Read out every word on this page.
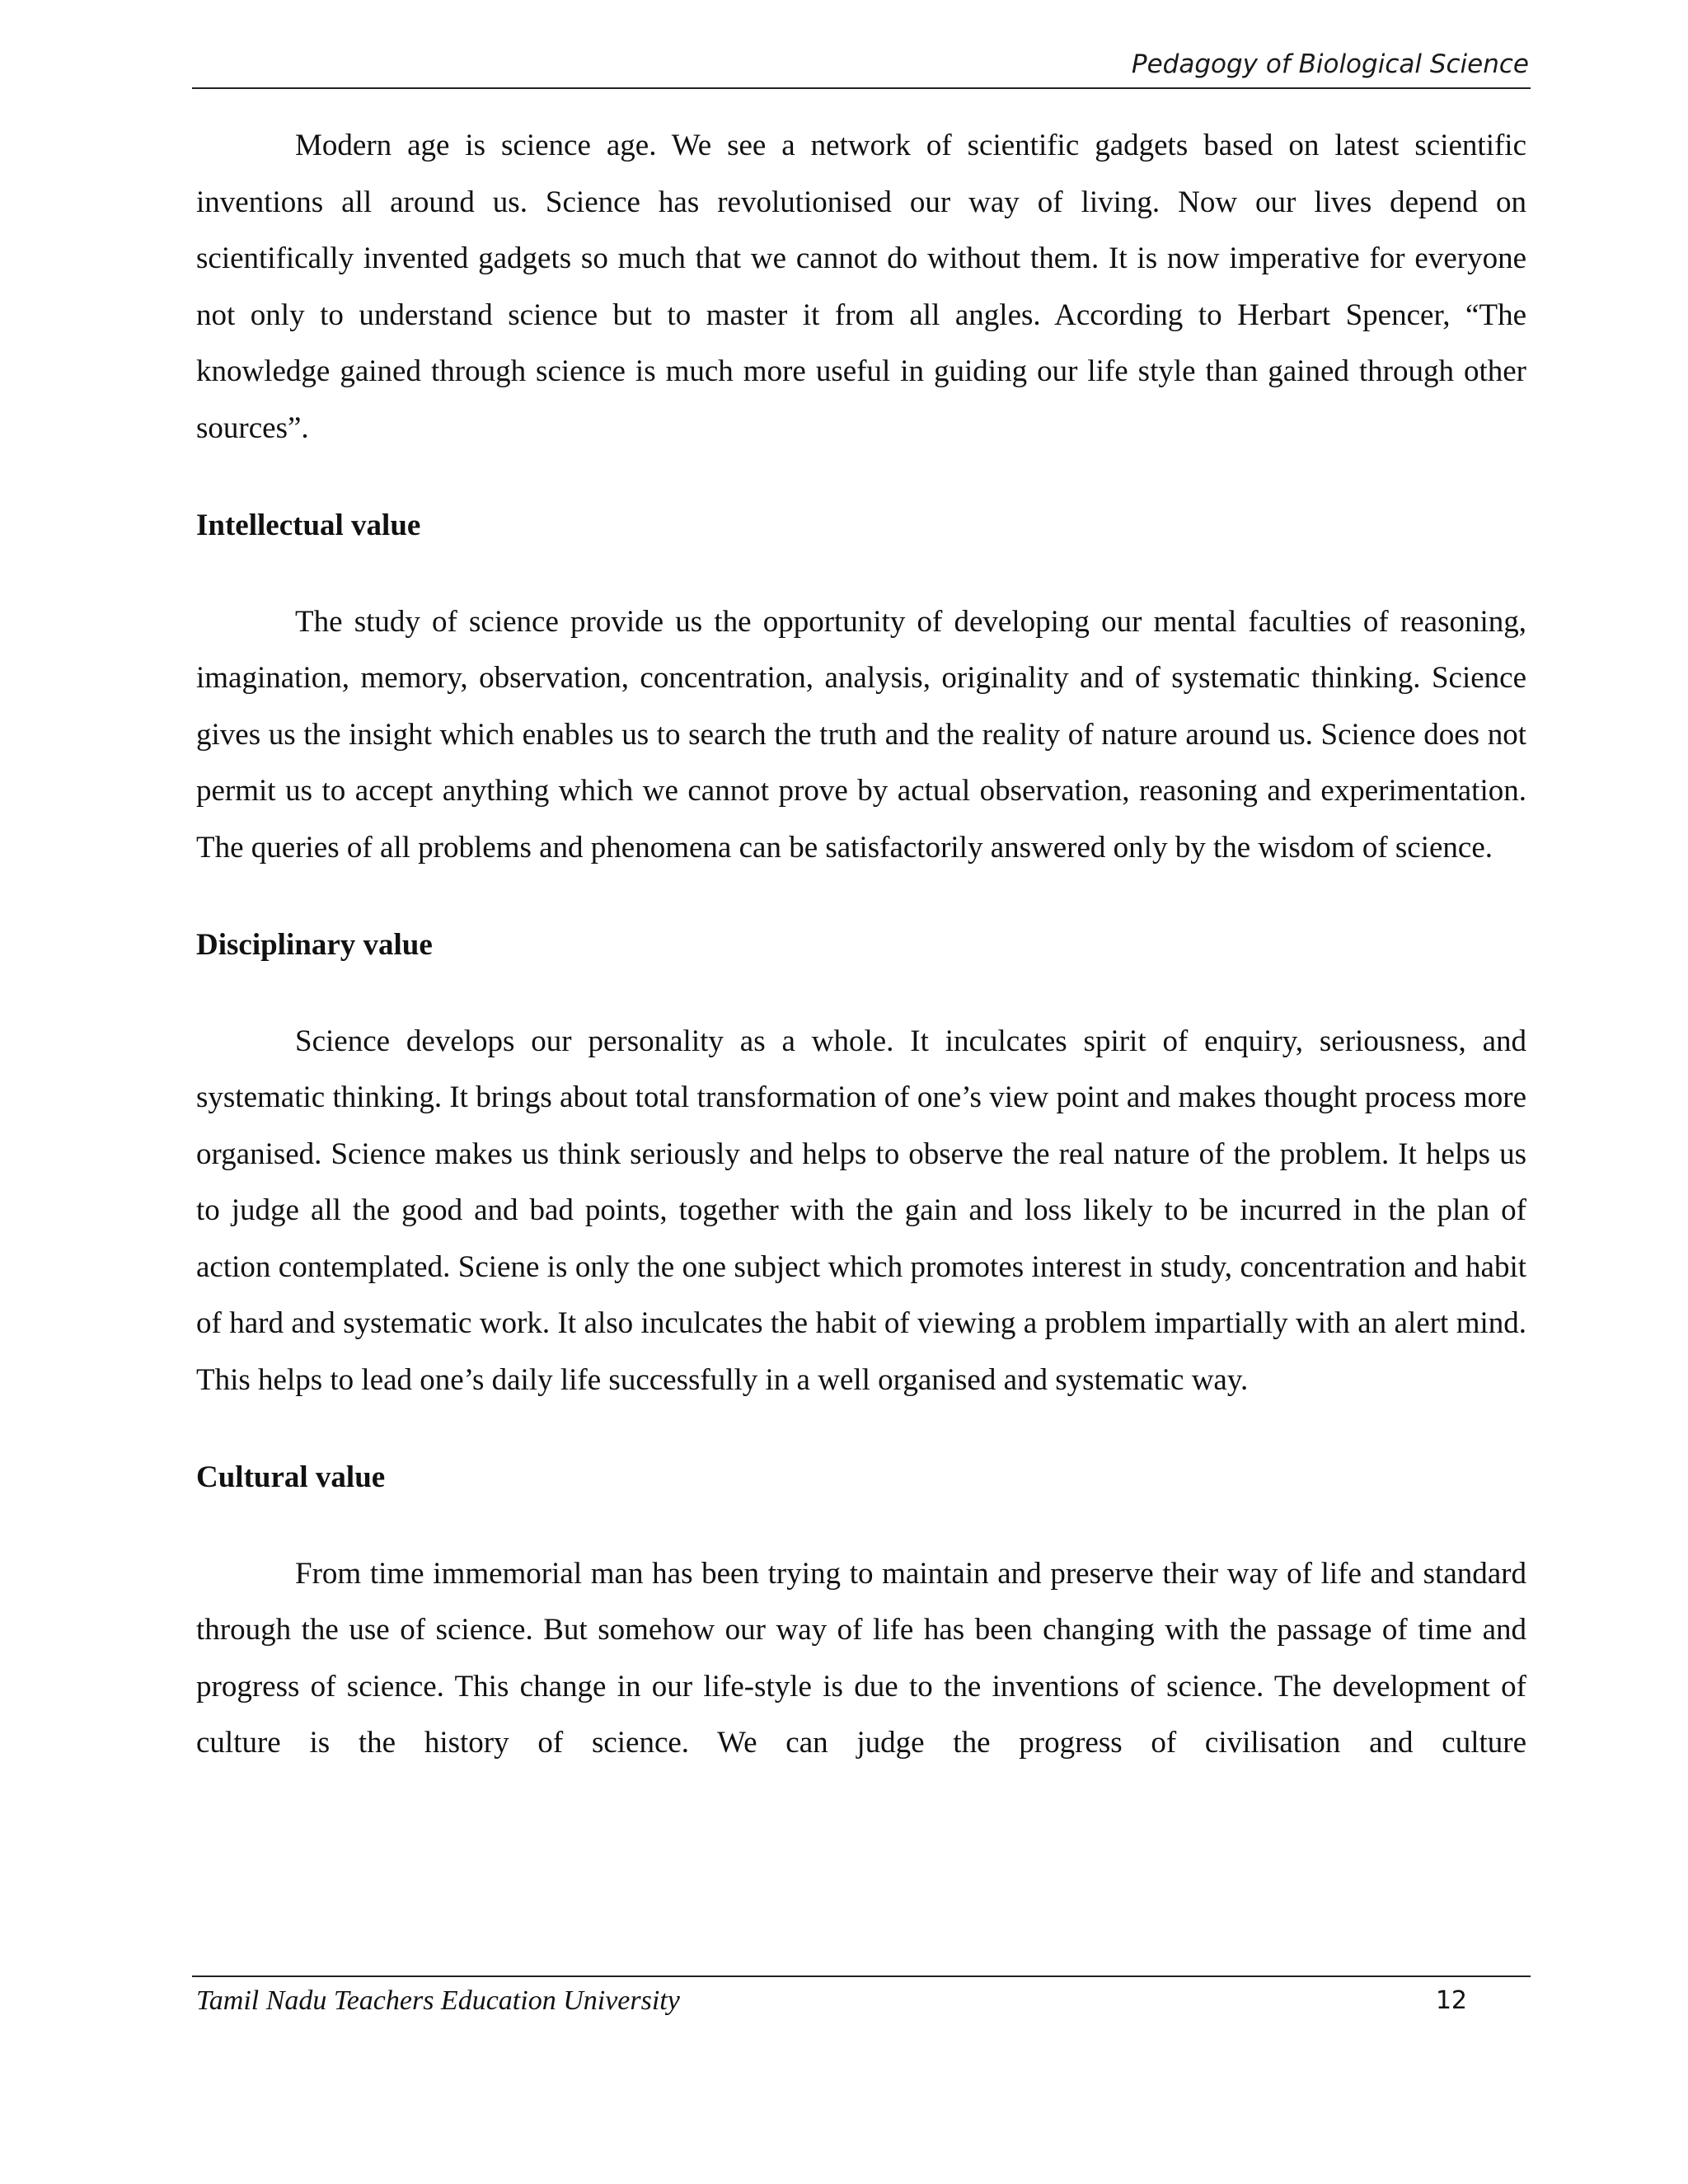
Pedagogy of Biological Science

Modern age is science age. We see a network of scientific gadgets based on latest scientific inventions all around us. Science has revolutionised our way of living. Now our lives depend on scientifically invented gadgets so much that we cannot do without them. It is now imperative for everyone not only to understand science but to master it from all angles. According to Herbart Spencer, “The knowledge gained through science is much more useful in guiding our life style than gained through other sources”.

Intellectual value

The study of science provide us the opportunity of developing our mental faculties of reasoning, imagination, memory, observation, concentration, analysis, originality and of systematic thinking. Science gives us the insight which enables us to search the truth and the reality of nature around us. Science does not permit us to accept anything which we cannot prove by actual observation, reasoning and experimentation. The queries of all problems and phenomena can be satisfactorily answered only by the wisdom of science.

Disciplinary value

Science develops our personality as a whole. It inculcates spirit of enquiry, seriousness, and systematic thinking. It brings about total transformation of one’s view point and makes thought process more organised. Science makes us think seriously and helps to observe the real nature of the problem. It helps us to judge all the good and bad points, together with the gain and loss likely to be incurred in the plan of action contemplated. Sciene is only the one subject which promotes interest in study, concentration and habit of hard and systematic work. It also inculcates the habit of viewing a problem impartially with an alert mind. This helps to lead one’s daily life successfully in a well organised and systematic way.

Cultural value

From time immemorial man has been trying to maintain and preserve their way of life and standard through the use of science. But somehow our way of life has been changing with the passage of time and progress of science. This change in our life-style is due to the inventions of science. The development of culture is the history of science. We can judge the progress of civilisation and culture

Tamil Nadu Teachers Education University	12
